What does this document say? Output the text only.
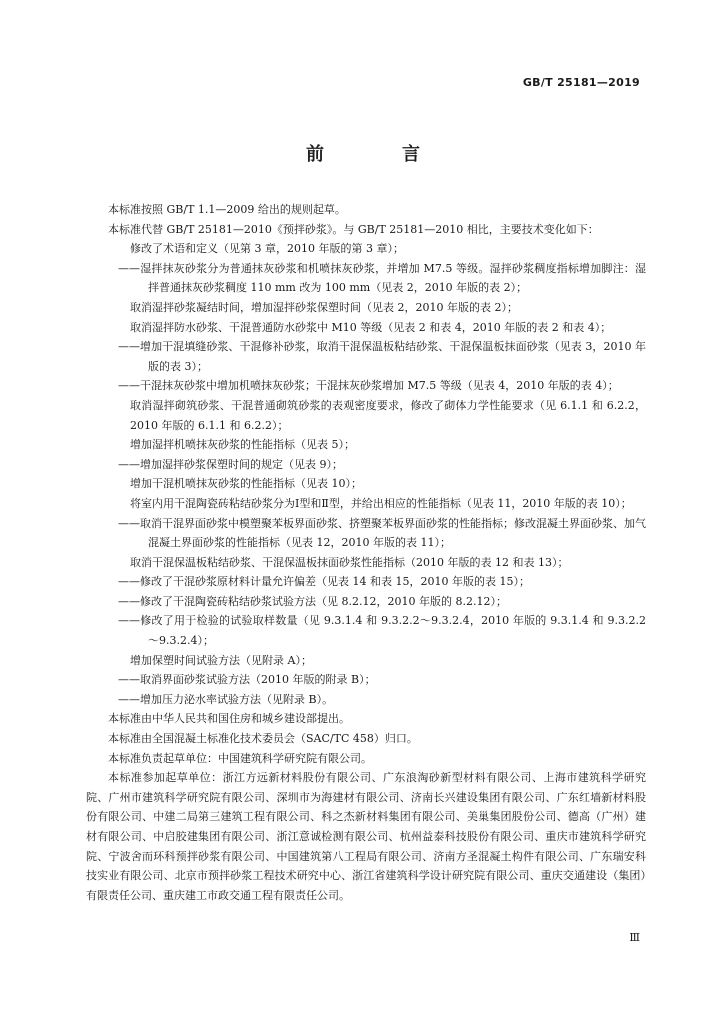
GB/T 25181—2019
前　言
本标准按照 GB/T 1.1—2009 给出的规则起草。
本标准代替 GB/T 25181—2010《预拌砂浆》。与 GB/T 25181—2010 相比，主要技术变化如下：
修改了术语和定义（见第 3 章，2010 年版的第 3 章）；
——湿拌抹灰砂浆分为普通抹灰砂浆和机喷抹灰砂浆，并增加 M7.5 等级。湿拌砂浆稠度指标增加脚注：湿拌普通抹灰砂浆稠度 110 mm 改为 100 mm（见表 2，2010 年版的表 2）；
取消湿拌砂浆凝结时间，增加湿拌砂浆保塑时间（见表 2，2010 年版的表 2）；
取消湿拌防水砂浆、干混普通防水砂浆中 M10 等级（见表 2 和表 4，2010 年版的表 2 和表 4）；
——增加干混填缝砂浆、干混修补砂浆，取消干混保温板粘结砂浆、干混保温板抹面砂浆（见表 3，2010 年版的表 3）；
——干混抹灰砂浆中增加机喷抹灰砂浆；干混抹灰砂浆增加 M7.5 等级（见表 4，2010 年版的表 4）；
取消湿拌砌筑砂浆、干混普通砌筑砂浆的表观密度要求，修改了砌体力学性能要求（见 6.1.1 和 6.2.2，2010 年版的 6.1.1 和 6.2.2）；
增加湿拌机喷抹灰砂浆的性能指标（见表 5）；
——增加湿拌砂浆保塑时间的规定（见表 9）；
增加干混机喷抹灰砂浆的性能指标（见表 10）；
将室内用干混陶瓷砖粘结砂浆分为Ⅰ型和Ⅱ型，并给出相应的性能指标（见表 11，2010 年版的表 10）；
——取消干混界面砂浆中模塑聚苯板界面砂浆、挤塑聚苯板界面砂浆的性能指标；修改混凝土界面砂浆、加气混凝土界面砂浆的性能指标（见表 12，2010 年版的表 11）；
取消干混保温板粘结砂浆、干混保温板抹面砂浆性能指标（2010 年版的表 12 和表 13）；
——修改了干混砂浆原材料计量允许偏差（见表 14 和表 15，2010 年版的表 15）；
——修改了干混陶瓷砖粘结砂浆试验方法（见 8.2.12，2010 年版的 8.2.12）；
——修改了用于检验的试验取样数量（见 9.3.1.4 和 9.3.2.2～9.3.2.4，2010 年版的 9.3.1.4 和 9.3.2.2～9.3.2.4）；
增加保塑时间试验方法（见附录 A）；
——取消界面砂浆试验方法（2010 年版的附录 B）；
——增加压力泌水率试验方法（见附录 B）。
本标准由中华人民共和国住房和城乡建设部提出。
本标准由全国混凝土标准化技术委员会（SAC/TC 458）归口。
本标准负责起草单位：中国建筑科学研究院有限公司。
本标准参加起草单位：浙江方远新材料股份有限公司、广东浪淘砂新型材料有限公司、上海市建筑科学研究院、广州市建筑科学研究院有限公司、深圳市为海建材有限公司、济南长兴建设集团有限公司、广东红墙新材料股份有限公司、中建二局第三建筑工程有限公司、科之杰新材料集团有限公司、美巢集团股份公司、德高（广州）建材有限公司、中启胶建集团有限公司、浙江意诚检测有限公司、杭州益泰科技股份有限公司、重庆市建筑科学研究院、宁波舍而环科预拌砂浆有限公司、中国建筑第八工程局有限公司、济南方圣混凝土构件有限公司、广东瑞安科技实业有限公司、北京市预拌砂浆工程技术研究中心、浙江省建筑科学设计研究院有限公司、重庆交通建设（集团）有限责任公司、重庆建工市政交通工程有限责任公司。
Ⅲ
